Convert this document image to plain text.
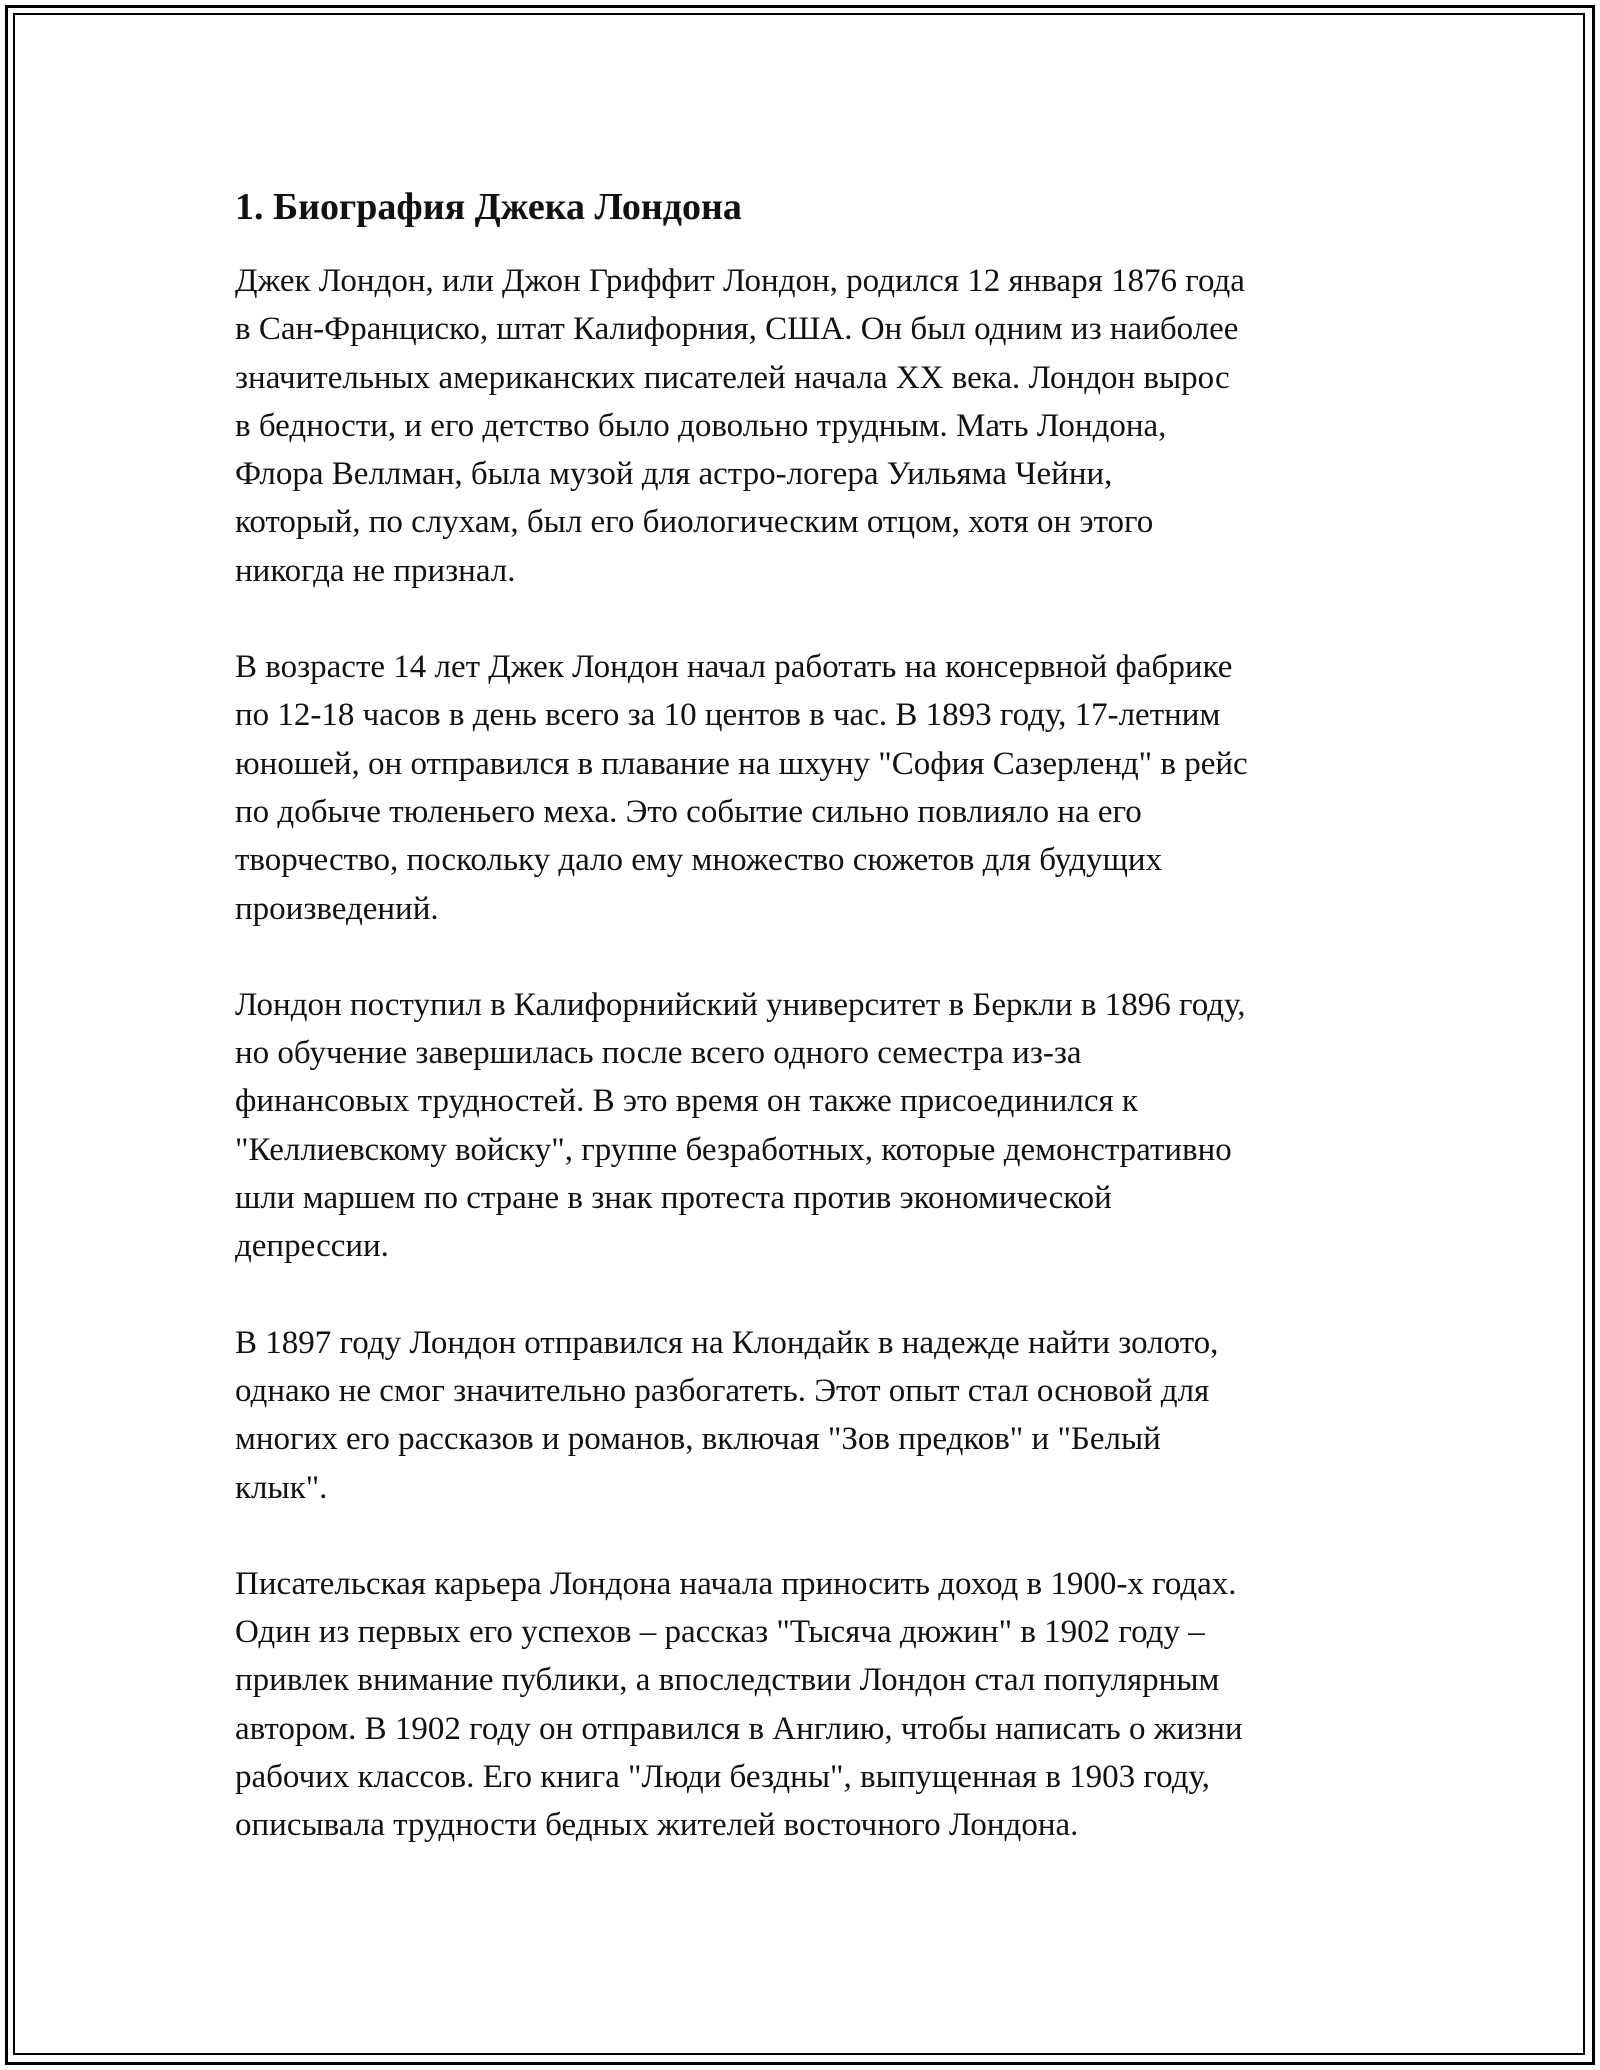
1. Биография Джека Лондона

Джек Лондон, или Джон Гриффит Лондон, родился 12 января 1876 года
в Сан-Франциско, штат Калифорния, США. Он был одним из наиболее
значительных американских писателей начала XX века. Лондон вырос
в бедности, и его детство было довольно трудным. Мать Лондона,
Флора Веллман, была музой для астро-логера Уильяма Чейни,
который, по слухам, был его биологическим отцом, хотя он этого
никогда не признал.

В возрасте 14 лет Джек Лондон начал работать на консервной фабрике
по 12-18 часов в день всего за 10 центов в час. В 1893 году, 17-летним
юношей, он отправился в плавание на шхуну "София Сазерленд" в рейс
по добыче тюленьего меха. Это событие сильно повлияло на его
творчество, поскольку дало ему множество сюжетов для будущих
произведений.

Лондон поступил в Калифорнийский университет в Беркли в 1896 году,
но обучение завершилась после всего одного семестра из-за
финансовых трудностей. В это время он также присоединился к
"Келлиевскому войску", группе безработных, которые демонстративно
шли маршем по стране в знак протеста против экономической
депрессии.

В 1897 году Лондон отправился на Клондайк в надежде найти золото,
однако не смог значительно разбогатеть. Этот опыт стал основой для
многих его рассказов и романов, включая "Зов предков" и "Белый
клык".

Писательская карьера Лондона начала приносить доход в 1900-х годах.
Один из первых его успехов – рассказ "Тысяча дюжин" в 1902 году –
привлек внимание публики, а впоследствии Лондон стал популярным
автором. В 1902 году он отправился в Англию, чтобы написать о жизни
рабочих классов. Его книга "Люди бездны", выпущенная в 1903 году,
описывала трудности бедных жителей восточного Лондона.
